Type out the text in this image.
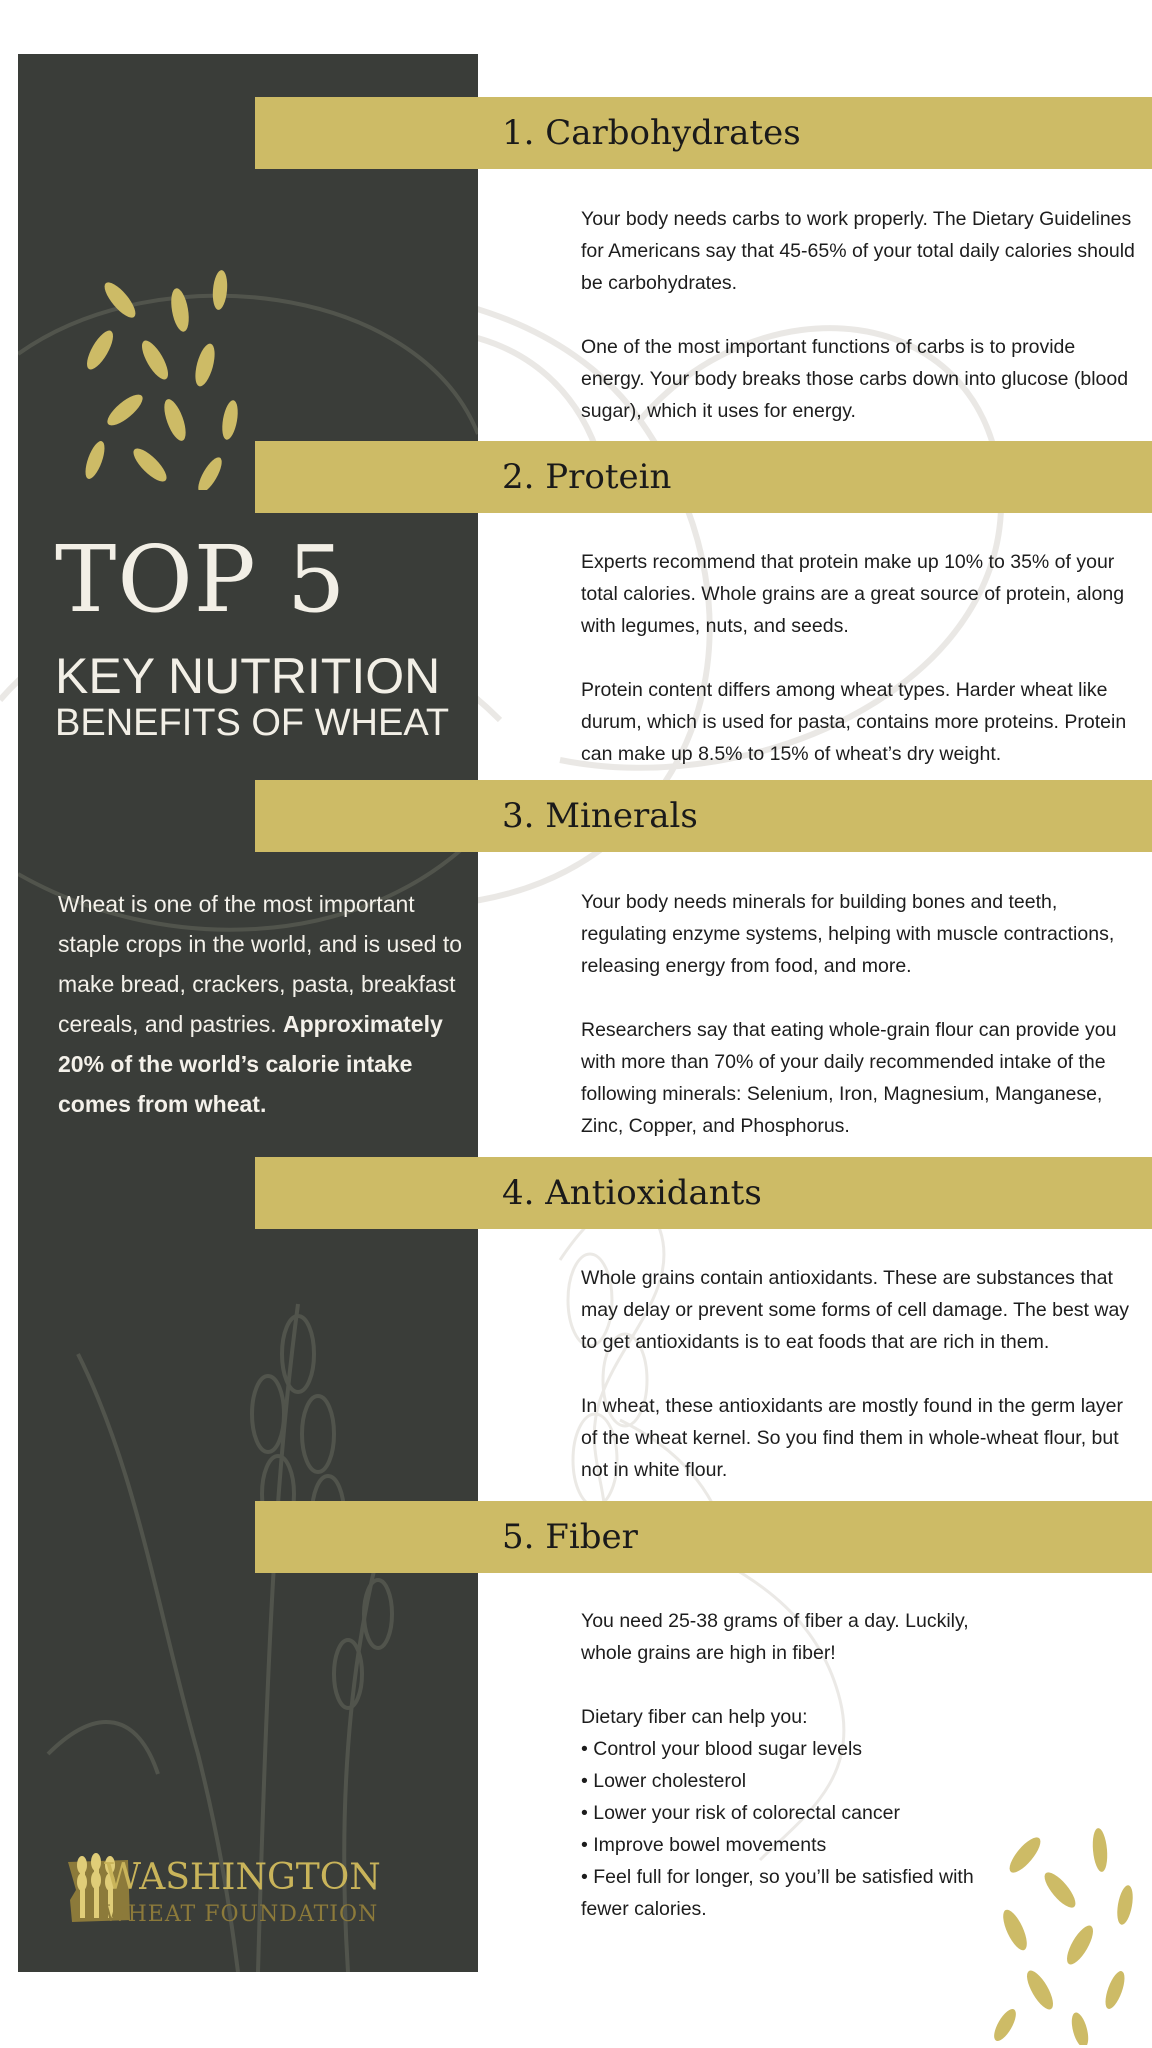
TOP 5
KEY NUTRITION
BENEFITS OF WHEAT
Wheat is one of the most important staple crops in the world, and is used to make bread, crackers, pasta, breakfast cereals, and pastries. Approximately 20% of the world’s calorie intake comes from wheat.
WASHINGTON
WHEAT FOUNDATION
1. Carbohydrates

Your body needs carbs to work properly. The Dietary Guidelines for Americans say that 45-65% of your total daily calories should be carbohydrates.

One of the most important functions of carbs is to provide energy. Your body breaks those carbs down into glucose (blood sugar), which it uses for energy.

2. Protein

Experts recommend that protein make up 10% to 35% of your total calories. Whole grains are a great source of protein, along with legumes, nuts, and seeds.

Protein content differs among wheat types. Harder wheat like durum, which is used for pasta, contains more proteins. Protein can make up 8.5% to 15% of wheat’s dry weight.

3. Minerals

Your body needs minerals for building bones and teeth, regulating enzyme systems, helping with muscle contractions, releasing energy from food, and more.

Researchers say that eating whole-grain flour can provide you with more than 70% of your daily recommended intake of the following minerals: Selenium, Iron, Magnesium, Manganese, Zinc, Copper, and Phosphorus.

4. Antioxidants

Whole grains contain antioxidants. These are substances that may delay or prevent some forms of cell damage. The best way to get antioxidants is to eat foods that are rich in them.

In wheat, these antioxidants are mostly found in the germ layer of the wheat kernel. So you find them in whole-wheat flour, but not in white flour.

5. Fiber

You need 25-38 grams of fiber a day. Luckily, whole grains are high in fiber!

Dietary fiber can help you:

• Control your blood sugar levels
• Lower cholesterol
• Lower your risk of colorectal cancer
• Improve bowel movements
• Feel full for longer, so you’ll be satisfied with fewer calories.
